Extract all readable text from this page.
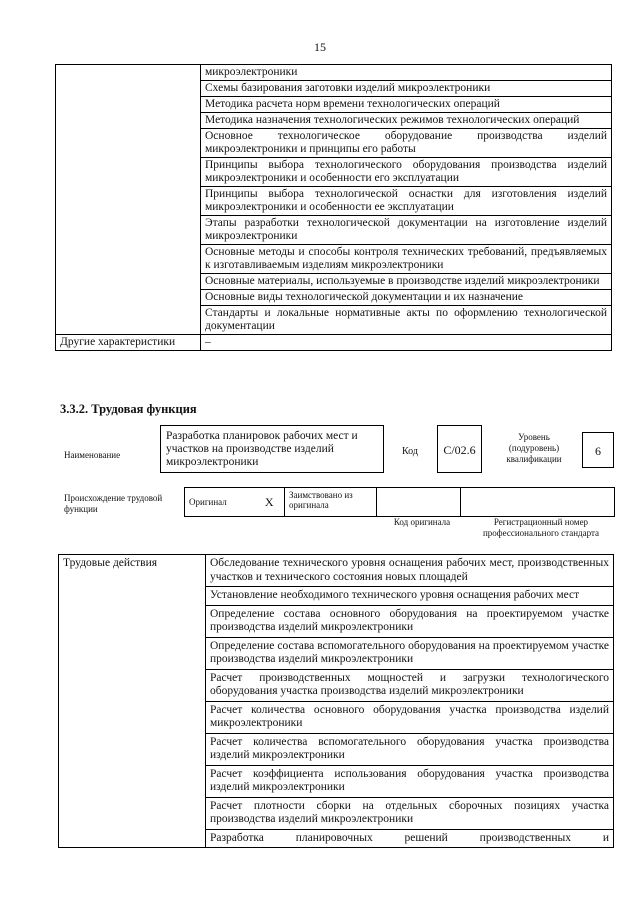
15
	микроэлектроники
	Схемы базирования заготовки изделий микроэлектроники
	Методика расчета норм времени технологических операций
	Методика назначения технологических режимов технологических операций
	Основное технологическое оборудование производства изделий микроэлектроники и принципы его работы
	Принципы выбора технологического оборудования производства изделий микроэлектроники и особенности его эксплуатации
	Принципы выбора технологической оснастки для изготовления изделий микроэлектроники и особенности ее эксплуатации
	Этапы разработки технологической документации на изготовление изделий микроэлектроники
	Основные методы и способы контроля технических требований, предъявляемых к изготавливаемым изделиям микроэлектроники
	Основные материалы, используемые в производстве изделий микроэлектроники
	Основные виды технологической документации и их назначение
	Стандарты и локальные нормативные акты по оформлению технологической документации
Другие характеристики	–
3.3.2. Трудовая функция
Наименование
Разработка планировок рабочих мест и участков на производстве изделий микроэлектроники
Код	C/02.6
Уровень (подуровень) квалификации
6
Происхождение трудовой функции
Оригинал	X	Заимствовано из оригинала		
Код оригинала	Регистрационный номер профессионального стандарта
Трудовые действия	Обследование технического уровня оснащения рабочих мест, производственных участков и технического состояния новых площадей
Установление необходимого технического уровня оснащения рабочих мест
Определение состава основного оборудования на проектируемом участке производства изделий микроэлектроники
Определение состава вспомогательного оборудования на проектируемом участке производства изделий микроэлектроники
Расчет производственных мощностей и загрузки технологического оборудования участка производства изделий микроэлектроники
Расчет количества основного оборудования участка производства изделий микроэлектроники
Расчет количества вспомогательного оборудования участка производства изделий микроэлектроники
Расчет коэффициента использования оборудования участка производства изделий микроэлектроники
Расчет плотности сборки на отдельных сборочных позициях участка производства изделий микроэлектроники
Разработка планировочных решений производственных и
